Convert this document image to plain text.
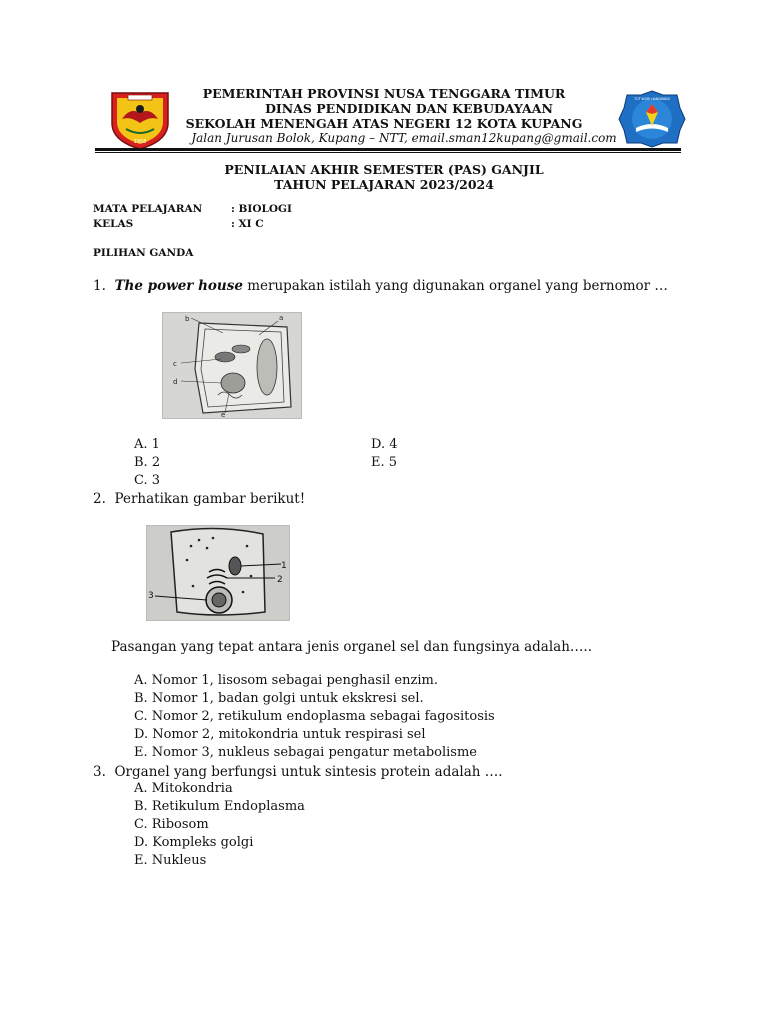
1958
TUT WURI HANDAYANI
PEMERINTAH PROVINSI NUSA TENGGARA TIMUR
DINAS PENDIDIKAN DAN KEBUDAYAAN
SEKOLAH MENENGAH ATAS NEGERI 12 KOTA KUPANG
Jalan Jurusan Bolok, Kupang – NTT, email.sman12kupang@gmail.com
PENILAIAN AKHIR SEMESTER (PAS) GANJIL
TAHUN PELAJARAN 2023/2024
MATA PELAJARAN	: BIOLOGI
KELAS	: XI C
PILIHAN GANDA
1. The power house merupakan istilah yang digunakan organel yang bernomor …
b	a
c
d
e
A. 1
B. 2
C. 3
D. 4
E. 5
2. Perhatikan gambar berikut!
1
2
3
Pasangan yang tepat antara jenis organel sel dan fungsinya adalah…..
A. Nomor 1, lisosom sebagai penghasil enzim.
B. Nomor 1, badan golgi untuk ekskresi sel.
C. Nomor 2, retikulum endoplasma sebagai fagositosis
D. Nomor 2, mitokondria untuk respirasi sel
E. Nomor 3, nukleus sebagai pengatur metabolisme
3. Organel yang berfungsi untuk sintesis protein adalah ….
A. Mitokondria
B. Retikulum Endoplasma
C. Ribosom
D. Kompleks golgi
E. Nukleus
